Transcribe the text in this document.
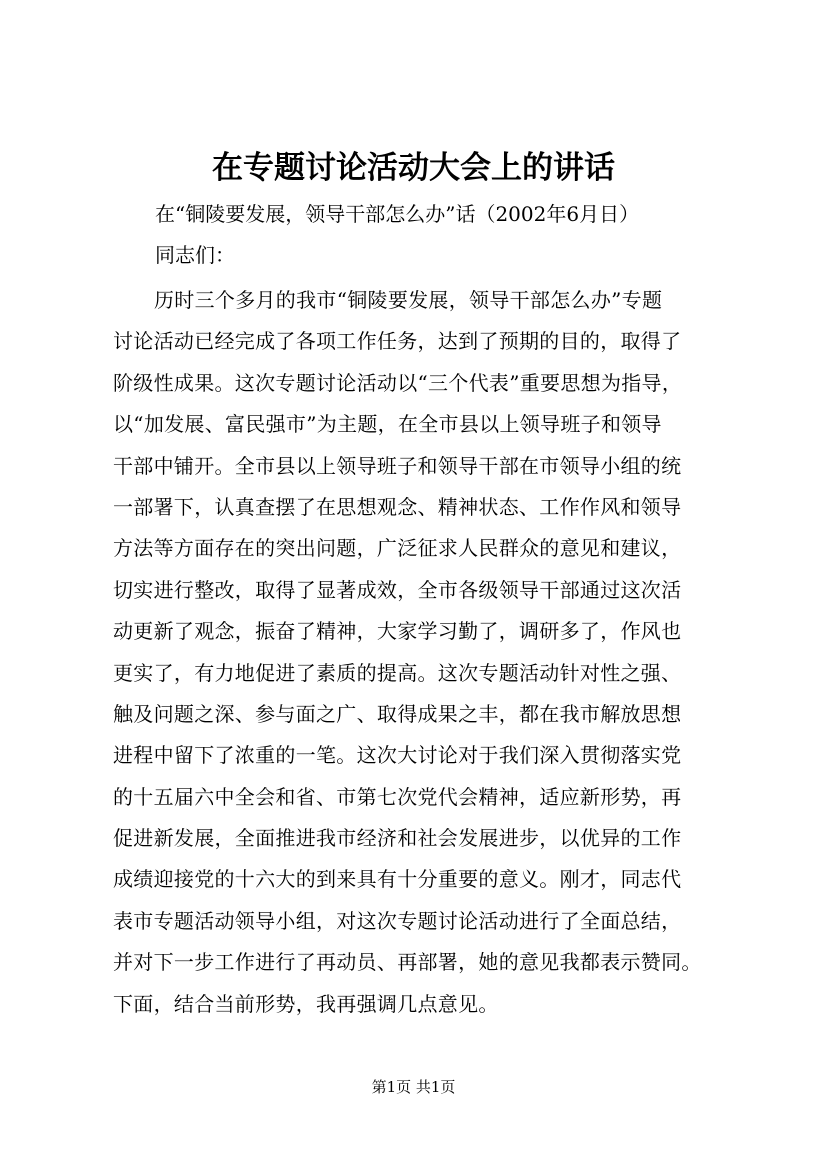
在专题讨论活动大会上的讲话
在“铜陵要发展，领导干部怎么办”话（2002年6月日）
同志们：
历时三个多月的我市“铜陵要发展，领导干部怎么办”专题
讨论活动已经完成了各项工作任务，达到了预期的目的，取得了
阶级性成果。这次专题讨论活动以“三个代表”重要思想为指导，
以“加发展、富民强市”为主题，在全市县以上领导班子和领导
干部中铺开。全市县以上领导班子和领导干部在市领导小组的统
一部署下，认真查摆了在思想观念、精神状态、工作作风和领导
方法等方面存在的突出问题，广泛征求人民群众的意见和建议，
切实进行整改，取得了显著成效，全市各级领导干部通过这次活
动更新了观念，振奋了精神，大家学习勤了，调研多了，作风也
更实了，有力地促进了素质的提高。这次专题活动针对性之强、
触及问题之深、参与面之广、取得成果之丰，都在我市解放思想
进程中留下了浓重的一笔。这次大讨论对于我们深入贯彻落实党
的十五届六中全会和省、市第七次党代会精神，适应新形势，再
促进新发展，全面推进我市经济和社会发展进步，以优异的工作
成绩迎接党的十六大的到来具有十分重要的意义。刚才，同志代
表市专题活动领导小组，对这次专题讨论活动进行了全面总结，
并对下一步工作进行了再动员、再部署，她的意见我都表示赞同。
下面，结合当前形势，我再强调几点意见。
第1页 共1页
